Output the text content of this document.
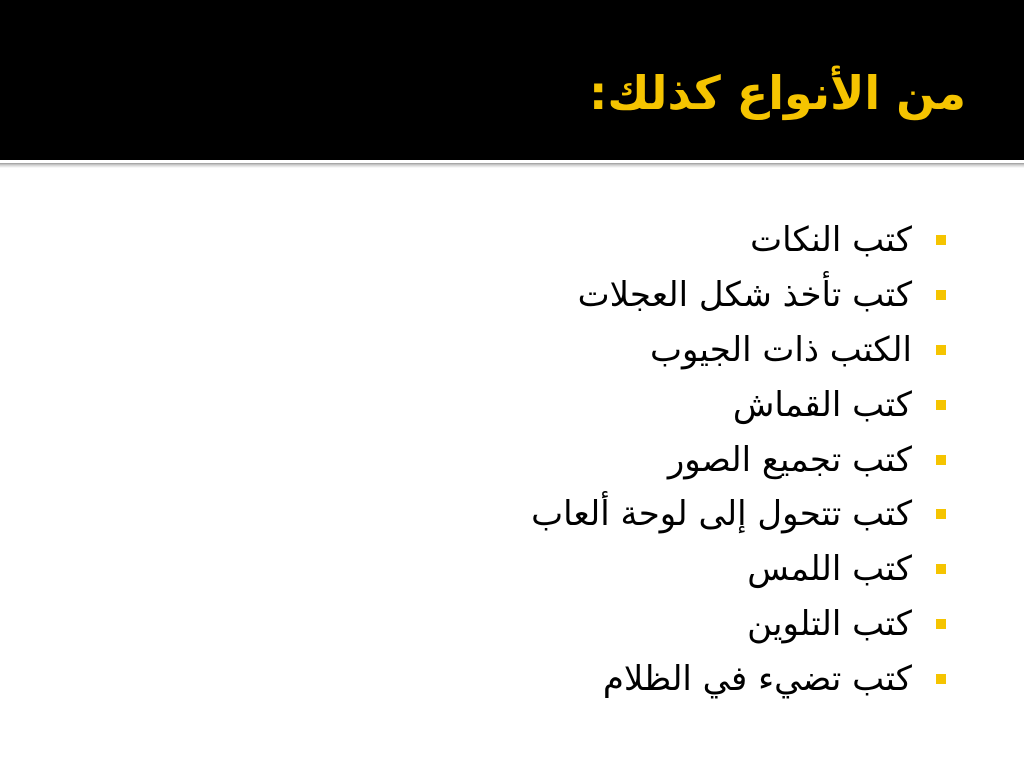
من الأنواع كذلك:
كتب النكات
كتب تأخذ شكل العجلات
الكتب ذات الجيوب
كتب القماش
كتب تجميع الصور
كتب تتحول إلى لوحة ألعاب
كتب اللمس
كتب التلوين
كتب تضيء في الظلام
